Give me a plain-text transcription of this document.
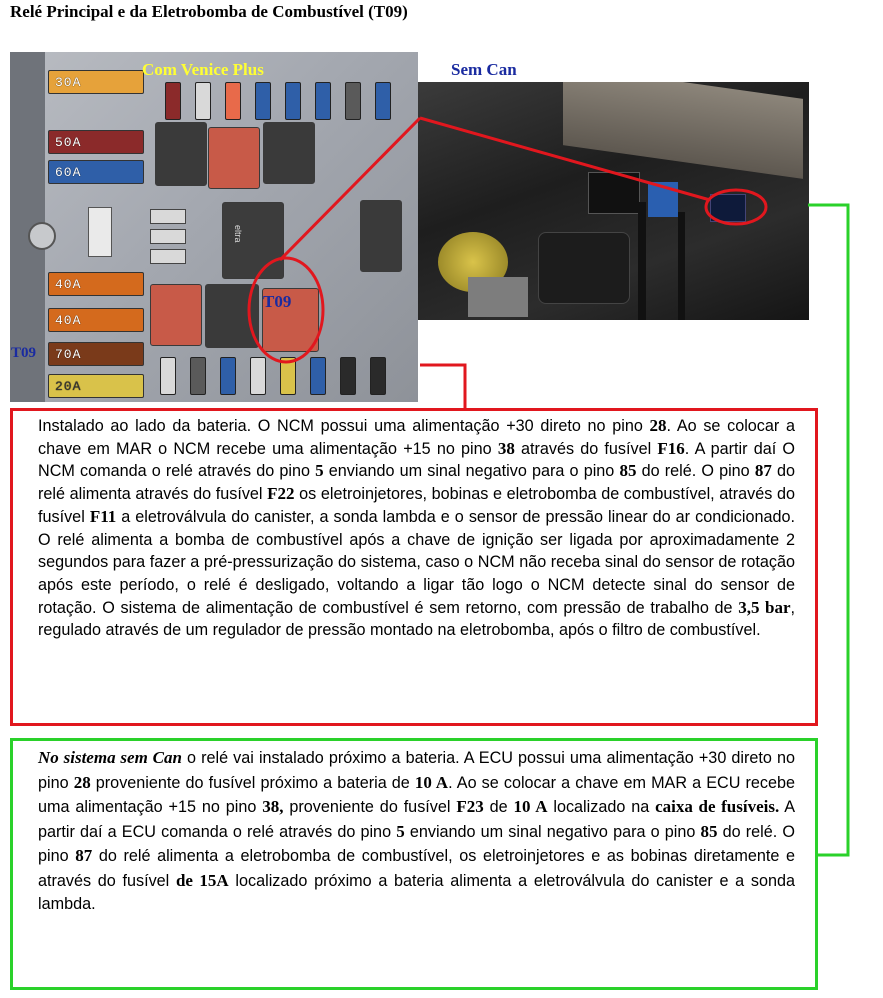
Relé Principal e da Eletrobomba de Combustível (T09)
30A
50A
60A
40A
40A
70A
20A
eltra
Com Venice Plus
T09
T09
Sem Can
Instalado ao lado da bateria. O NCM possui uma alimentação +30 direto no pino 28. Ao se colocar a chave em MAR o NCM recebe uma alimentação +15 no pino 38 através do fusível F16. A partir daí O NCM comanda o relé através do pino 5 enviando um sinal negativo para o pino 85 do relé. O pino 87 do relé alimenta através do fusível F22 os eletroinjetores, bobinas e eletrobomba de combustível, através do fusível F11 a eletroválvula do canister, a sonda lambda e o sensor de pressão linear do ar condicionado. O relé alimenta a bomba de combustível após a chave de ignição ser ligada por aproximadamente 2 segundos para fazer a pré-pressurização do sistema, caso o NCM não receba sinal do sensor de rotação após este período, o relé é desligado, voltando a ligar tão logo o NCM detecte sinal do sensor de rotação. O sistema de alimentação de combustível é sem retorno, com pressão de trabalho de 3,5 bar, regulado através de um regulador de pressão montado na eletrobomba, após o filtro de combustível.
No sistema sem Can o relé vai instalado próximo a bateria. A ECU possui uma alimentação +30 direto no pino 28 proveniente do fusível próximo a bateria de 10 A. Ao se colocar a chave em MAR a ECU recebe uma alimentação +15 no pino 38, proveniente do fusível F23 de 10 A localizado na caixa de fusíveis. A partir daí a ECU comanda o relé através do pino 5 enviando um sinal negativo para o pino 85 do relé. O pino 87 do relé alimenta a eletrobomba de combustível, os eletroinjetores e as bobinas diretamente e através do fusível de 15A localizado próximo a bateria alimenta a eletroválvula do canister e a sonda lambda.
